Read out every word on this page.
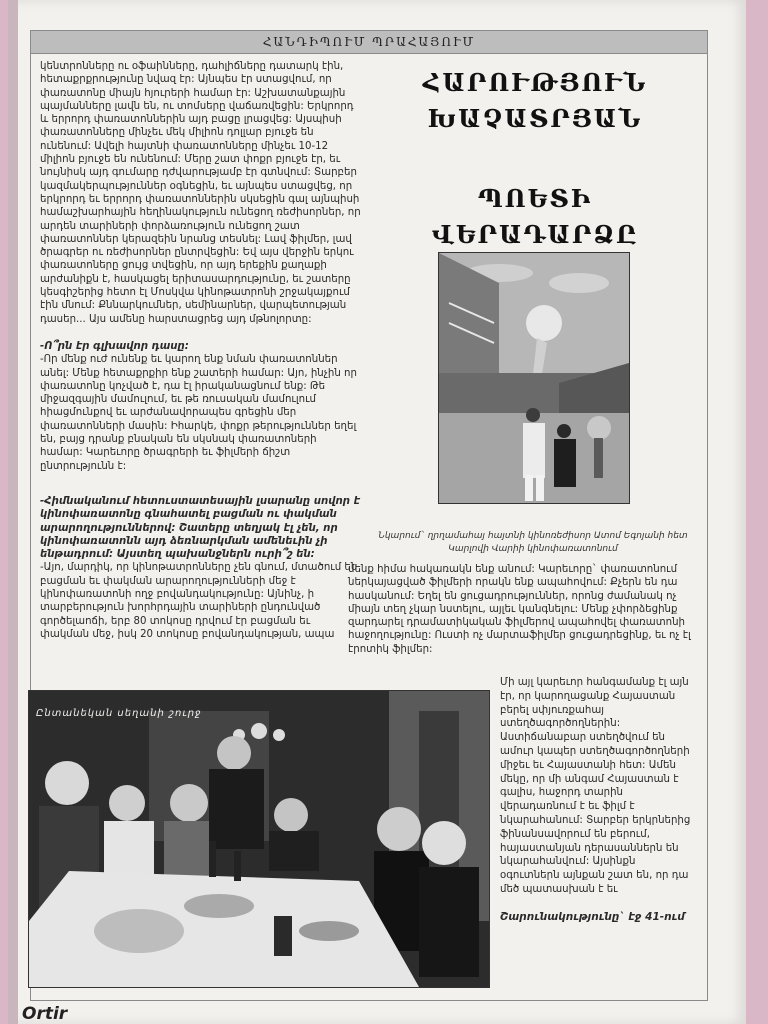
ՀԱՆԴԻՊՈՒՄ ՊՐԱՀԱՅՈՒՄ

կենտրոնները ու օֆաինները, դահլիճները դատարկ էին, հետաքրքրությունը նվազ էր: Այնպես էր ստացվում, որ փառատոնը միայն հյուրերի համար էր: Աշխատանքային պայմանները լավն են, ու տոմսերը վաճառվեցին: Երկրորդ և երրորդ փառատոններին այդ բացը լրացվեց: Այսպիսի փառատոնները մինչեւ մեկ միլիոն դոլլար բյուջե են ունենում: Ավելի հայտնի փառատոնները մինչեւ 10-12 միլիոն բյուջե են ունենում: Մերը շատ փոքր բյուջե էր, եւ նույնիսկ այդ գումարը դժվարությամբ էր գտնվում: Տարբեր կազմակերպություններ օգնեցին, եւ այնպես ստացվեց, որ երկրորդ եւ երրորդ փառատոններին սկսեցին գալ այնպիսի համաշխարհային հեղինակություն ունեցող ռեժիսորներ, որ արդեն տարիների փորձառություն ունեցող շատ փառատոններ կերազեին նրանց տեսնել: Լավ ֆիլմեր, լավ ծրագրեր ու ռեժիսորներ ընտրվեցին: Եվ այս վերջին երկու փառատոները ցույց տվեցին, որ այդ երեքին քաղաքի արժանիքն է, հասկացել երիտասարդությունը, եւ շատերը կեսգիշերից հետո էլ Մոսկվա կինոթատրոնի շրջակայքում էին մնում: Քննարկումներ, սեմինարներ, վարպետության դասեր... Այս ամենը հարստացրեց այդ մթնոլորտը:

-Ո՞րն էր գլխավոր դասը:

-Որ մենք ուժ ունենք եւ կարող ենք նման փառատոններ անել: Մենք հետաքրքիր ենք շատերի համար: Այո, ինչին որ փառատոնը կոչված է, դա էլ իրականացնում ենք: Թե միջազգային մամուլում, եւ թե ռուսական մամուլում հիացմունքով եւ արժանավորապես գրեցին մեր փառատոնների մասին: Իհարկե, փոքր թերություններ եղել են, բայց դրանք բնական են սկսնակ փառատոների համար: Կարեւորը ծրագրերի եւ ֆիլմերի ճիշտ ընտրությունն է:

-Հիմնականում հետուստատեսային լսարանը սովոր է կինոփառատոնը գնահատել բացման ու փակման արարողություններով: Շատերը տեղյակ էլ չեն, որ կինոփառատոնն այդ ձեռնարկման ամենեւին չի ենթադրում: Այստեղ պախանջներն ուրի՞շ են:

-Այո, մարդիկ, որ կինոթատրոնները չեն գնում, մտածում են բացման եւ փակման արարողությունների մեջ է կինոփառատոնի ողջ բովանդակությունը: Այնինչ, ի տարբերություն խորհրդային տարիների ընդունված գործելաոճի, երբ 80 տոկոսը դրվում էր բացման եւ փակման մեջ, իսկ 20 տոկոսը բովանդակության, ապա

ՀԱՐՈՒԹՅՈՒՆ
ԽԱՉԱՏՐՅԱՆ
ՊՈԵՏԻ ՎԵՐԱԴԱՐՁԸ
Նկարում` ղրղամահայ հայտնի կինոռեժիսոր Ատոմ Եգոյանի հետ Կարլովի Վարիի կինոփառատոնում
մենք հիմա հակառակն ենք անում: Կարեւորը` փառատոնում ներկայացված ֆիլմերի որակն ենք ապահովում: Քչերն են դա հասկանում: Եղել են ցուցադրություններ, որոնց ժամանակ ոչ միայն տեղ չկար նստելու, այլեւ կանգնելու: Մենք չփորձեցինք զարդարել դրամատիկական ֆիլմերով ապահովել փառատոնի հաջողությունը: Ուստի ոչ մարտաֆիլմեր ցուցադրեցինք, եւ ոչ էլ էրոտիկ ֆիլմեր:

Մի այլ կարեւոր հանգամանք էլ այն էր, որ կարողացանք Հայաստան բերել սփյուռքահայ ստեղծագործողներին: Աստիճանաբար ստեղծվում են ամուր կապեր ստեղծագործողների միջեւ եւ Հայաստանի հետ: Ամեն մեկը, որ մի անգամ Հայաստան է գալիս, հաջորդ տարին վերադառնում է եւ ֆիլմ է նկարահանում: Տարբեր երկրներից ֆինանսավորում են բերում, հայաստանյան դերասաններն են նկարահանվում: Այսինքն օգուտներն այնքան շատ են, որ դա մեծ պատասխան է եւ

Շարունակությունը` էջ 41-ում

Ընտանեկան սեղանի շուրջ
Ortir
